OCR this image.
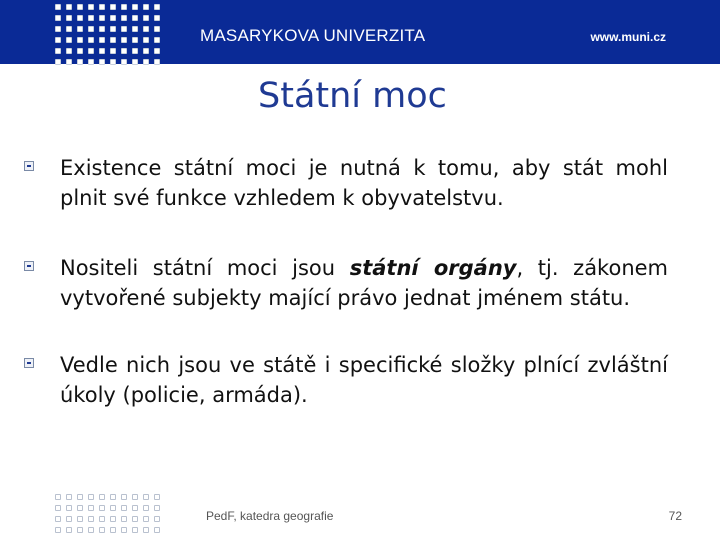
MASARYKOVA UNIVERZITA	www.muni.cz
Státní moc

Existence státní moci je nutná k tomu, aby stát mohl plnit své funkce vzhledem k obyvatelstvu.

Nositeli státní moci jsou státní orgány, tj. zákonem vytvořené subjekty mající právo jednat jménem státu.

Vedle nich jsou ve státě i specifické složky plnící zvláštní úkoly (policie, armáda).

PedF, katedra geografie	72
